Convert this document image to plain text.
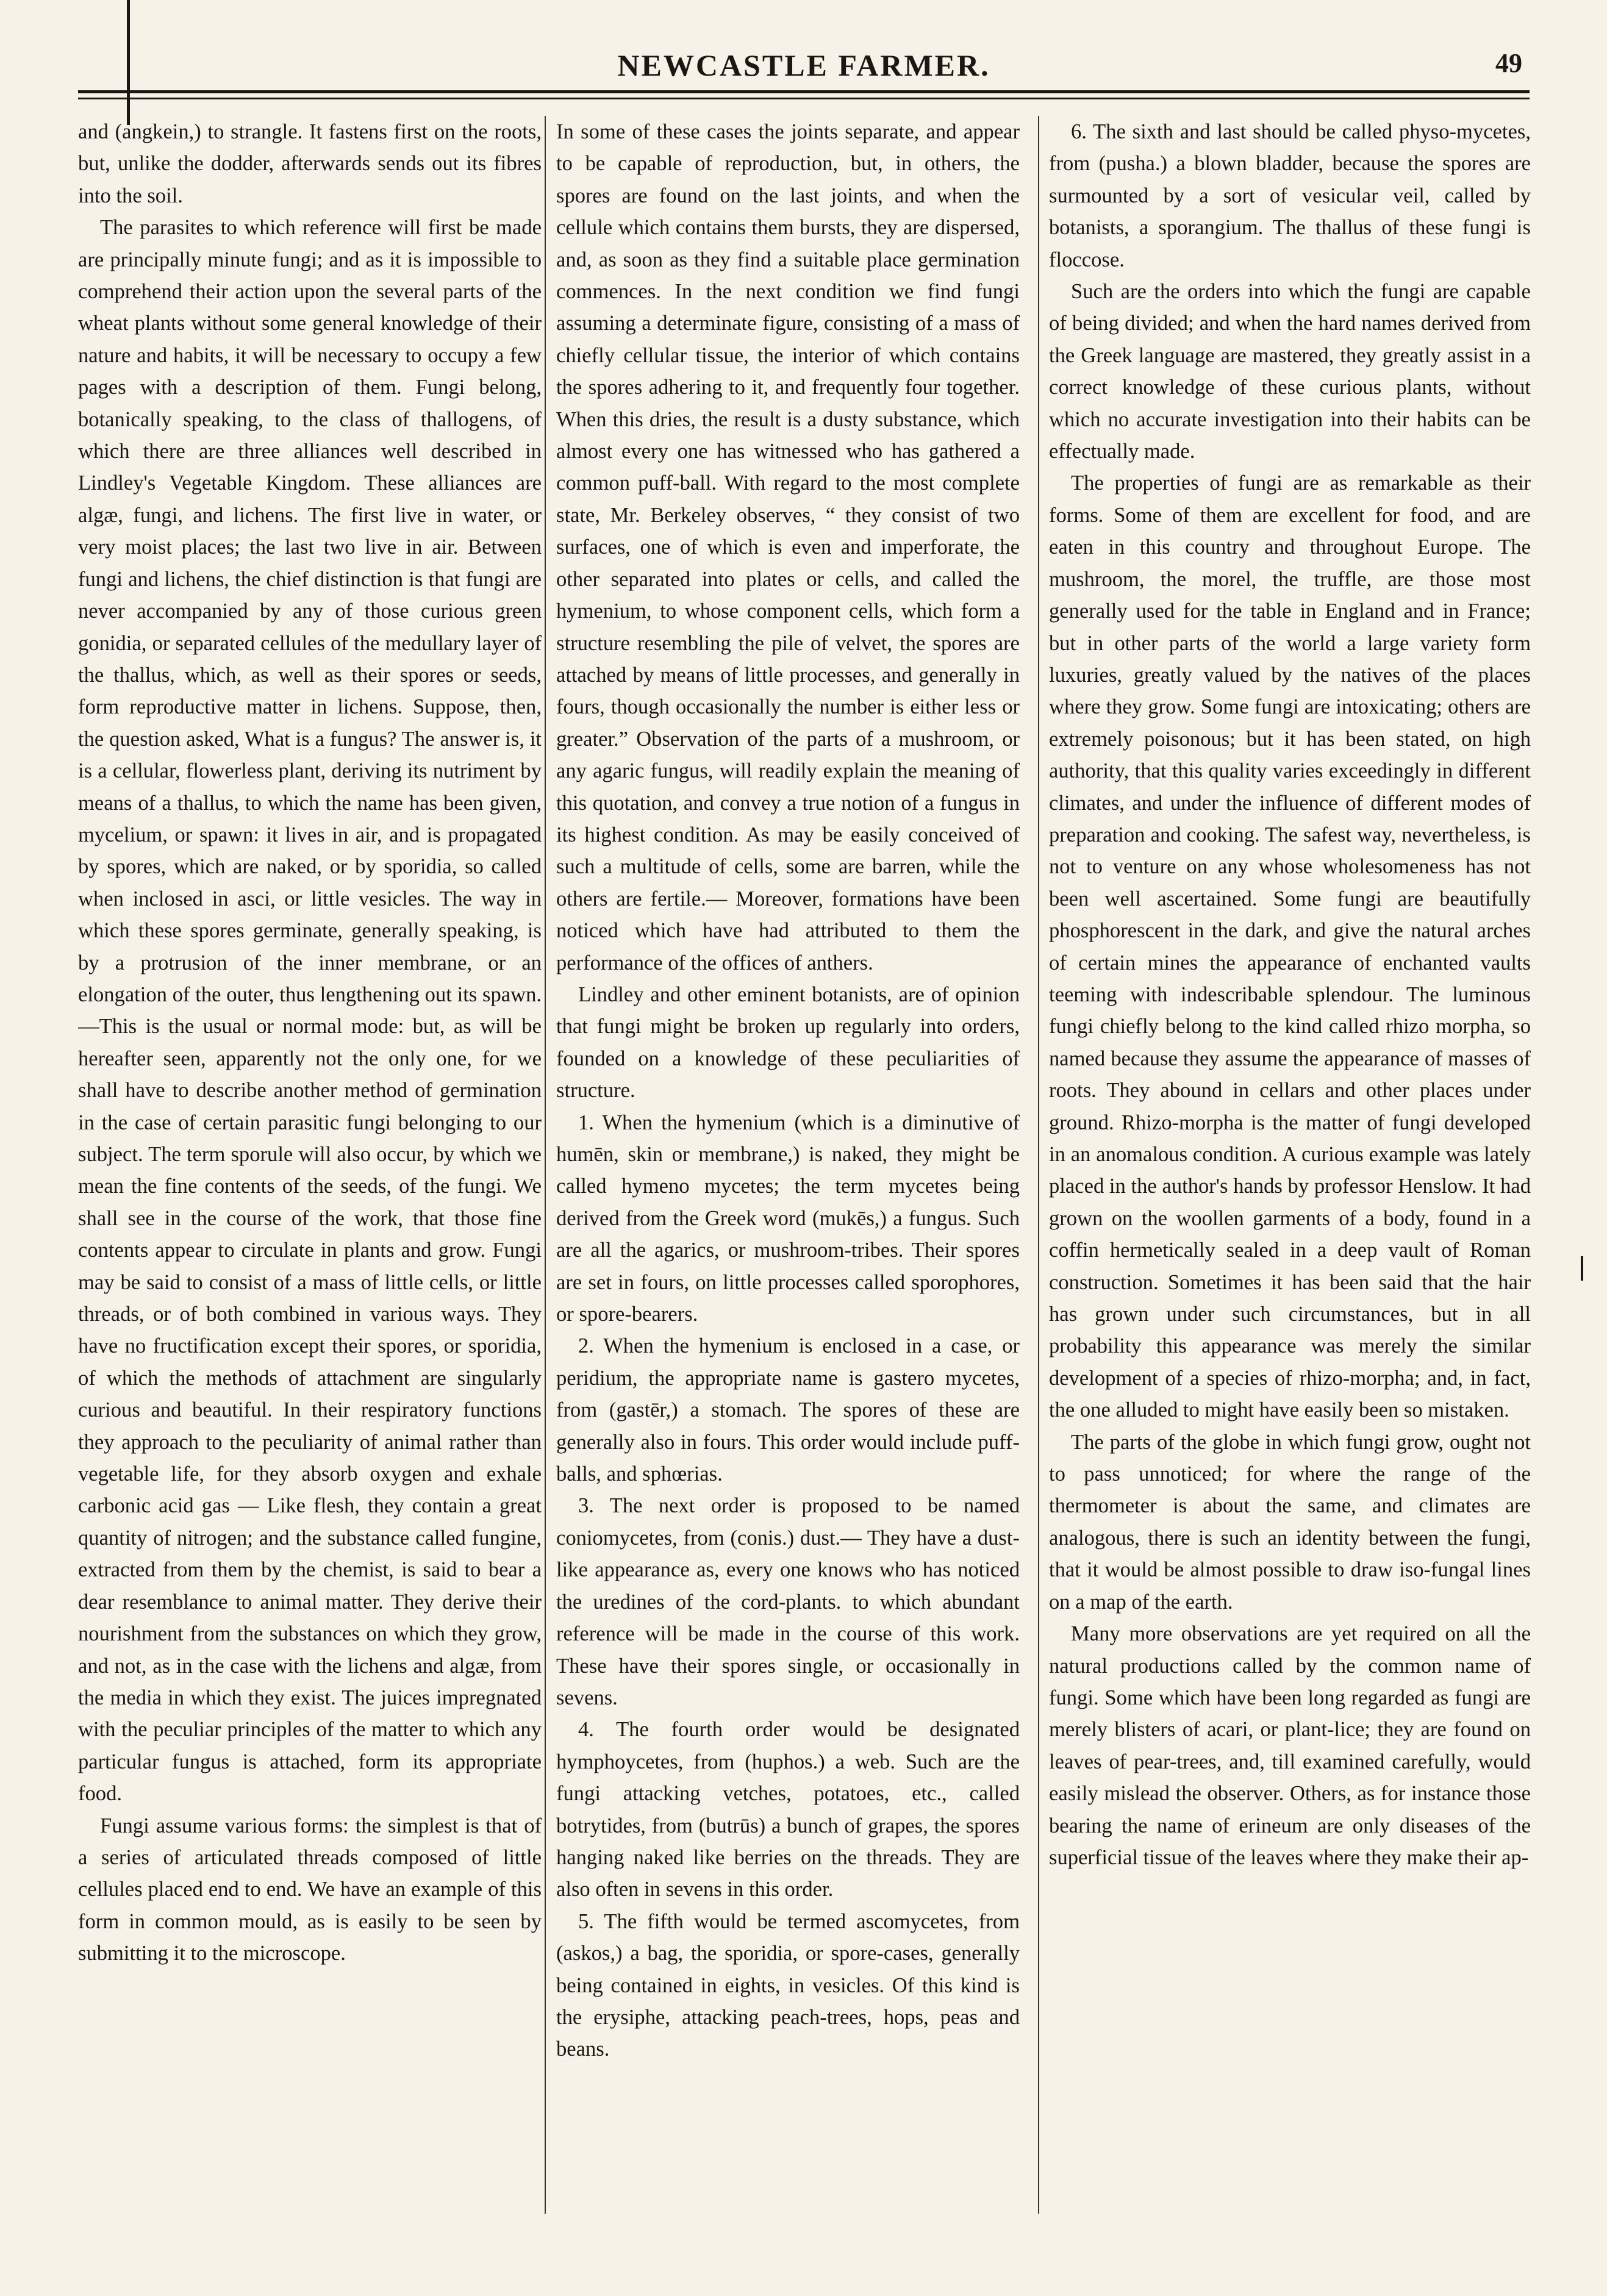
NEWCASTLE FARMER.	49

and (angkein,) to strangle. It fastens first on the roots, but, unlike the dodder, afterwards sends out its fibres into the soil.

The parasites to which reference will first be made are principally minute fungi; and as it is impossible to comprehend their action upon the several parts of the wheat plants without some general knowledge of their nature and habits, it will be necessary to occupy a few pages with a description of them. Fungi belong, botanically speaking, to the class of thallogens, of which there are three alliances well described in Lindley's Vegetable Kingdom. These alliances are algæ, fungi, and lichens. The first live in water, or very moist places; the last two live in air. Between fungi and lichens, the chief distinction is that fungi are never accompanied by any of those curious green gonidia, or separated cellules of the medullary layer of the thallus, which, as well as their spores or seeds, form reproductive matter in lichens. Suppose, then, the question asked, What is a fungus? The answer is, it is a cellular, flowerless plant, deriving its nutriment by means of a thallus, to which the name has been given, mycelium, or spawn: it lives in air, and is propagated by spores, which are naked, or by sporidia, so called when inclosed in asci, or little vesicles. The way in which these spores germinate, generally speaking, is by a protrusion of the inner membrane, or an elongation of the outer, thus lengthening out its spawn.—This is the usual or normal mode: but, as will be hereafter seen, apparently not the only one, for we shall have to describe another method of germination in the case of certain parasitic fungi belonging to our subject. The term sporule will also occur, by which we mean the fine contents of the seeds, of the fungi. We shall see in the course of the work, that those fine contents appear to circulate in plants and grow. Fungi may be said to consist of a mass of little cells, or little threads, or of both combined in various ways. They have no fructification except their spores, or sporidia, of which the methods of attachment are singularly curious and beautiful. In their respiratory functions they approach to the peculiarity of animal rather than vegetable life, for they absorb oxygen and exhale carbonic acid gas — Like flesh, they contain a great quantity of nitrogen; and the substance called fungine, extracted from them by the chemist, is said to bear a dear resemblance to animal matter. They derive their nourishment from the substances on which they grow, and not, as in the case with the lichens and algæ, from the media in which they exist. The juices impregnated with the peculiar principles of the matter to which any particular fungus is attached, form its appropriate food.

Fungi assume various forms: the simplest is that of a series of articulated threads composed of little cellules placed end to end. We have an example of this form in common mould, as is easily to be seen by submitting it to the microscope.

In some of these cases the joints separate, and appear to be capable of reproduction, but, in others, the spores are found on the last joints, and when the cellule which contains them bursts, they are dispersed, and, as soon as they find a suitable place germination commences. In the next condition we find fungi assuming a determinate figure, consisting of a mass of chiefly cellular tissue, the interior of which contains the spores adhering to it, and frequently four together. When this dries, the result is a dusty substance, which almost every one has witnessed who has gathered a common puff-ball. With regard to the most complete state, Mr. Berkeley observes, “ they consist of two surfaces, one of which is even and imperforate, the other separated into plates or cells, and called the hymenium, to whose component cells, which form a structure resembling the pile of velvet, the spores are attached by means of little processes, and generally in fours, though occasionally the number is either less or greater.” Observation of the parts of a mushroom, or any agaric fungus, will readily explain the meaning of this quotation, and convey a true notion of a fungus in its highest condition. As may be easily conceived of such a multitude of cells, some are barren, while the others are fertile.— Moreover, formations have been noticed which have had attributed to them the performance of the offices of anthers.

Lindley and other eminent botanists, are of opinion that fungi might be broken up regularly into orders, founded on a knowledge of these peculiarities of structure.

1. When the hymenium (which is a diminutive of humēn, skin or membrane,) is naked, they might be called hymeno mycetes; the term mycetes being derived from the Greek word (mukēs,) a fungus. Such are all the agarics, or mushroom-tribes. Their spores are set in fours, on little processes called sporophores, or spore-bearers.

2. When the hymenium is enclosed in a case, or peridium, the appropriate name is gastero mycetes, from (gastēr,) a stomach. The spores of these are generally also in fours. This order would include puff-balls, and sphœrias.

3. The next order is proposed to be named coniomycetes, from (conis.) dust.— They have a dust-like appearance as, every one knows who has noticed the uredines of the cord-plants. to which abundant reference will be made in the course of this work. These have their spores single, or occasionally in sevens.

4. The fourth order would be designated hymphoycetes, from (huphos.) a web. Such are the fungi attacking vetches, potatoes, etc., called botrytides, from (butrūs) a bunch of grapes, the spores hanging naked like berries on the threads. They are also often in sevens in this order.

5. The fifth would be termed ascomycetes, from (askos,) a bag, the sporidia, or spore-cases, generally being contained in eights, in vesicles. Of this kind is the erysiphe, attacking peach-trees, hops, peas and beans.

6. The sixth and last should be called physo-mycetes, from (pusha.) a blown bladder, because the spores are surmounted by a sort of vesicular veil, called by botanists, a sporangium. The thallus of these fungi is floccose.

Such are the orders into which the fungi are capable of being divided; and when the hard names derived from the Greek language are mastered, they greatly assist in a correct knowledge of these curious plants, without which no accurate investigation into their habits can be effectually made.

The properties of fungi are as remarkable as their forms. Some of them are excellent for food, and are eaten in this country and throughout Europe. The mushroom, the morel, the truffle, are those most generally used for the table in England and in France; but in other parts of the world a large variety form luxuries, greatly valued by the natives of the places where they grow. Some fungi are intoxicating; others are extremely poisonous; but it has been stated, on high authority, that this quality varies exceedingly in different climates, and under the influence of different modes of preparation and cooking. The safest way, nevertheless, is not to venture on any whose wholesomeness has not been well ascertained. Some fungi are beautifully phosphorescent in the dark, and give the natural arches of certain mines the appearance of enchanted vaults teeming with indescribable splendour. The luminous fungi chiefly belong to the kind called rhizo morpha, so named because they assume the appearance of masses of roots. They abound in cellars and other places under ground. Rhizo-morpha is the matter of fungi developed in an anomalous condition. A curious example was lately placed in the author's hands by professor Henslow. It had grown on the woollen garments of a body, found in a coffin hermetically sealed in a deep vault of Roman construction. Sometimes it has been said that the hair has grown under such circumstances, but in all probability this appearance was merely the similar development of a species of rhizo-morpha; and, in fact, the one alluded to might have easily been so mistaken.

The parts of the globe in which fungi grow, ought not to pass unnoticed; for where the range of the thermometer is about the same, and climates are analogous, there is such an identity between the fungi, that it would be almost possible to draw iso-fungal lines on a map of the earth.

Many more observations are yet required on all the natural productions called by the common name of fungi. Some which have been long regarded as fungi are merely blisters of acari, or plant-lice; they are found on leaves of pear-trees, and, till examined carefully, would easily mislead the observer. Others, as for instance those bearing the name of erineum are only diseases of the superficial tissue of the leaves where they make their ap-
